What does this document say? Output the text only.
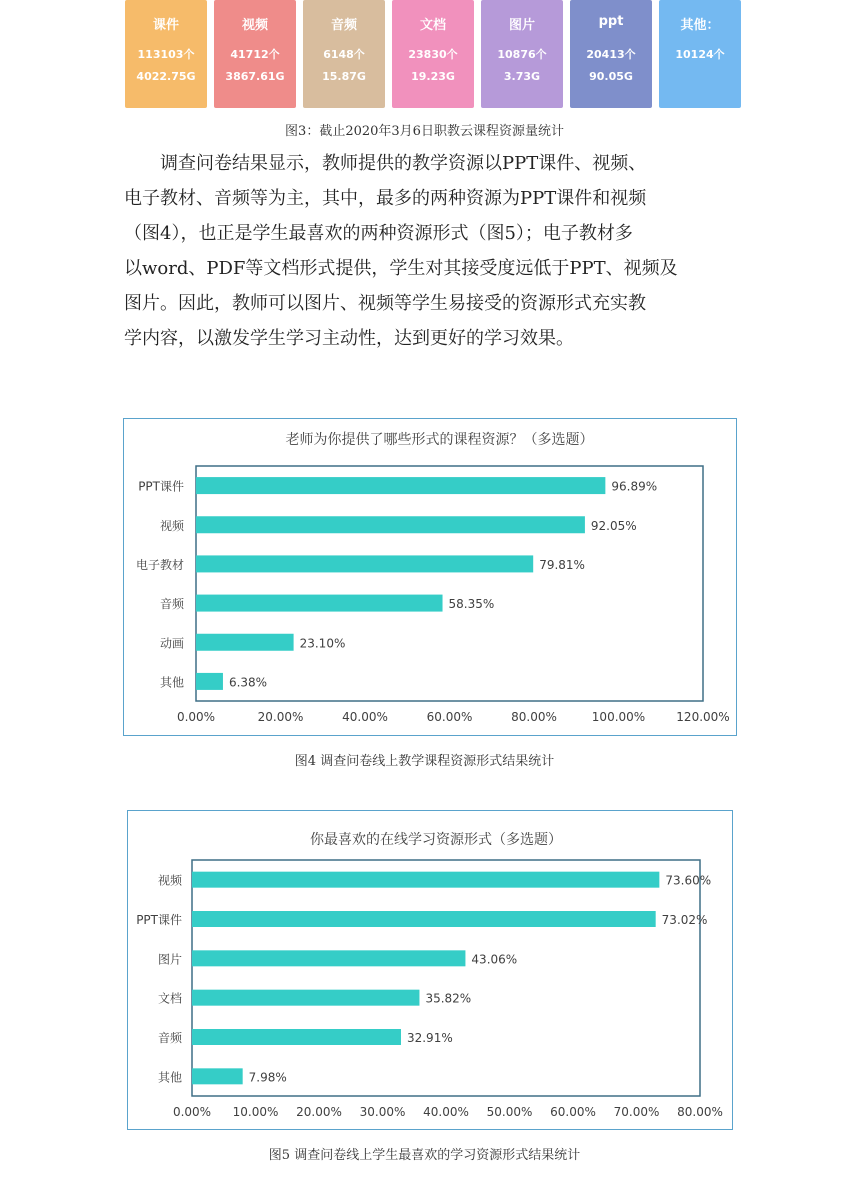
课件
113103个
4022.75G
视频
41712个
3867.61G
音频
6148个
15.87G
文档
23830个
19.23G
图片
10876个
3.73G
ppt
20413个
90.05G
其他：
10124个
图3：截止2020年3月6日职教云课程资源量统计
　　调查问卷结果显示，教师提供的教学资源以PPT课件、视频、
电子教材、音频等为主，其中，最多的两种资源为PPT课件和视频
（图4），也正是学生最喜欢的两种资源形式（图5）；电子教材多
以word、PDF等文档形式提供，学生对其接受度远低于PPT、视频及
图片。因此，教师可以图片、视频等学生易接受的资源形式充实教
学内容，以激发学生学习主动性，达到更好的学习效果。
老师为你提供了哪些形式的课程资源？（多选题）
PPT课件	96.89%
视频	92.05%
电子教材	79.81%
音频	58.35%
动画	23.10%
其他	6.38%
0.00%	20.00%	40.00%	60.00%	80.00%	100.00%	120.00%
图4 调查问卷线上教学课程资源形式结果统计
你最喜欢的在线学习资源形式（多选题）
视频	73.60%
PPT课件	73.02%
图片	43.06%
文档	35.82%
音频	32.91%
其他	7.98%
0.00% 10.00% 20.00% 30.00% 40.00% 50.00% 60.00% 70.00% 80.00%
图5 调查问卷线上学生最喜欢的学习资源形式结果统计
